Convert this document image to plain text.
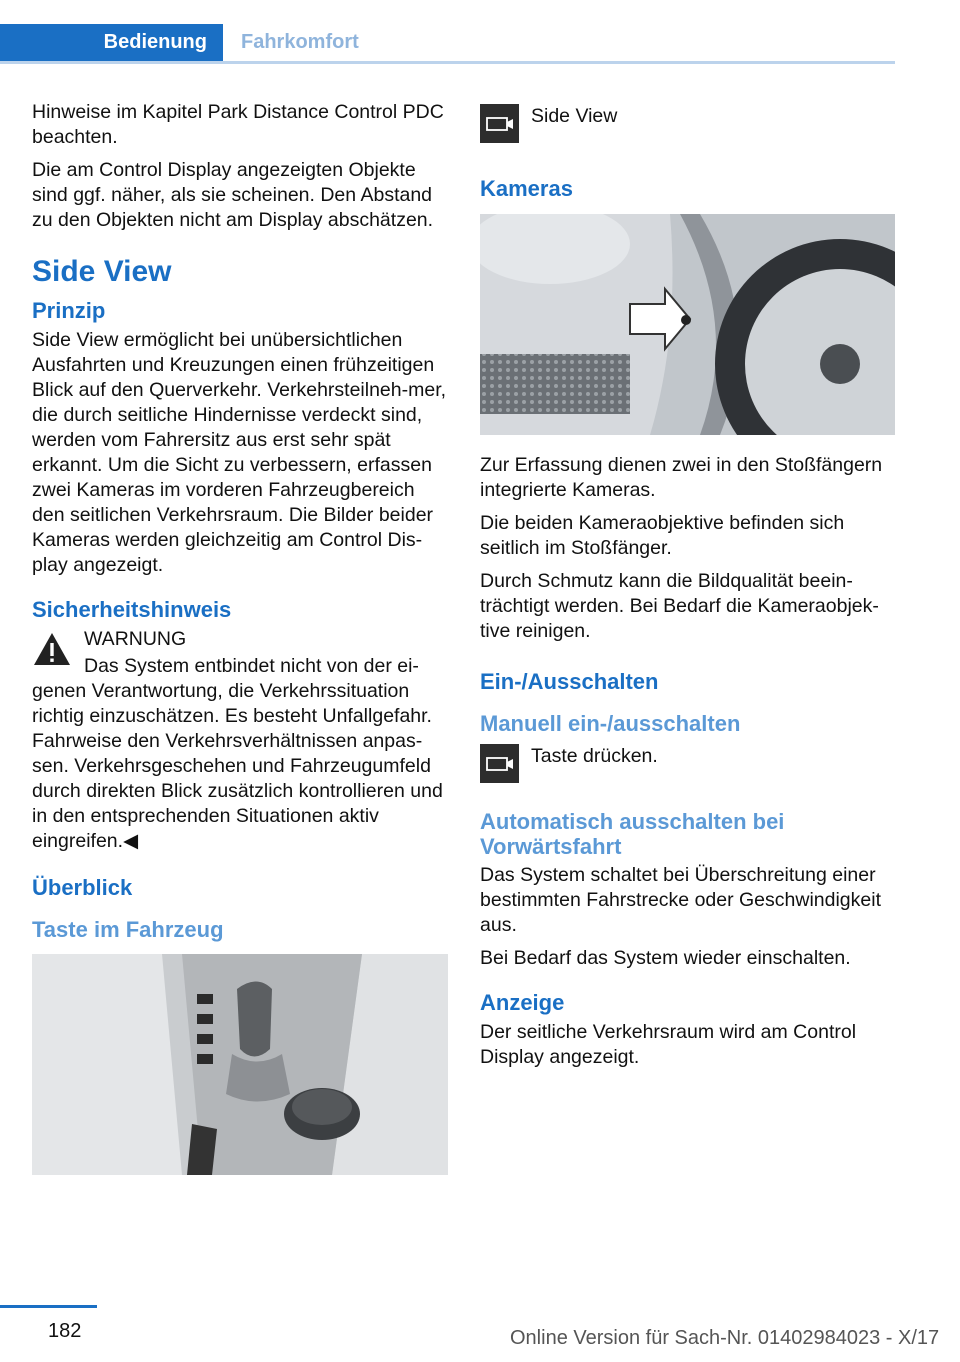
Bedienung	Fahrkomfort

Hinweise im Kapitel Park Distance Control PDC beachten.

Die am Control Display angezeigten Objekte sind ggf. näher, als sie scheinen. Den Abstand zu den Objekten nicht am Display abschätzen.

Side View
Prinzip

Side View ermöglicht bei unübersichtlichen Ausfahrten und Kreuzungen einen frühzeitigen Blick auf den Querverkehr. Verkehrsteilneh-mer, die durch seitliche Hindernisse verdeckt sind, werden vom Fahrersitz aus erst sehr spät erkannt. Um die Sicht zu verbessern, erfassen zwei Kameras im vorderen Fahrzeugbereich den seitlichen Verkehrsraum. Die Bilder beider Kameras werden gleichzeitig am Control Dis-play angezeigt.

Sicherheitshinweis

WARNUNG

Das System entbindet nicht von der ei-genen Verantwortung, die Verkehrssituation richtig einzuschätzen. Es besteht Unfallgefahr. Fahrweise den Verkehrsverhältnissen anpas-sen. Verkehrsgeschehen und Fahrzeugumfeld durch direkten Blick zusätzlich kontrollieren und in den entsprechenden Situationen aktiv eingreifen.◀

Überblick
Taste im Fahrzeug

Side View

Kameras

Zur Erfassung dienen zwei in den Stoßfängern integrierte Kameras.

Die beiden Kameraobjektive befinden sich seitlich im Stoßfänger.

Durch Schmutz kann die Bildqualität beein-trächtigt werden. Bei Bedarf die Kameraobjek-tive reinigen.

Ein-/Ausschalten
Manuell ein-/ausschalten

Taste drücken.

Automatisch ausschalten bei Vorwärtsfahrt

Das System schaltet bei Überschreitung einer bestimmten Fahrstrecke oder Geschwindigkeit aus.

Bei Bedarf das System wieder einschalten.

Anzeige

Der seitliche Verkehrsraum wird am Control Display angezeigt.

182	Online Version für Sach-Nr. 01402984023 - X/17
